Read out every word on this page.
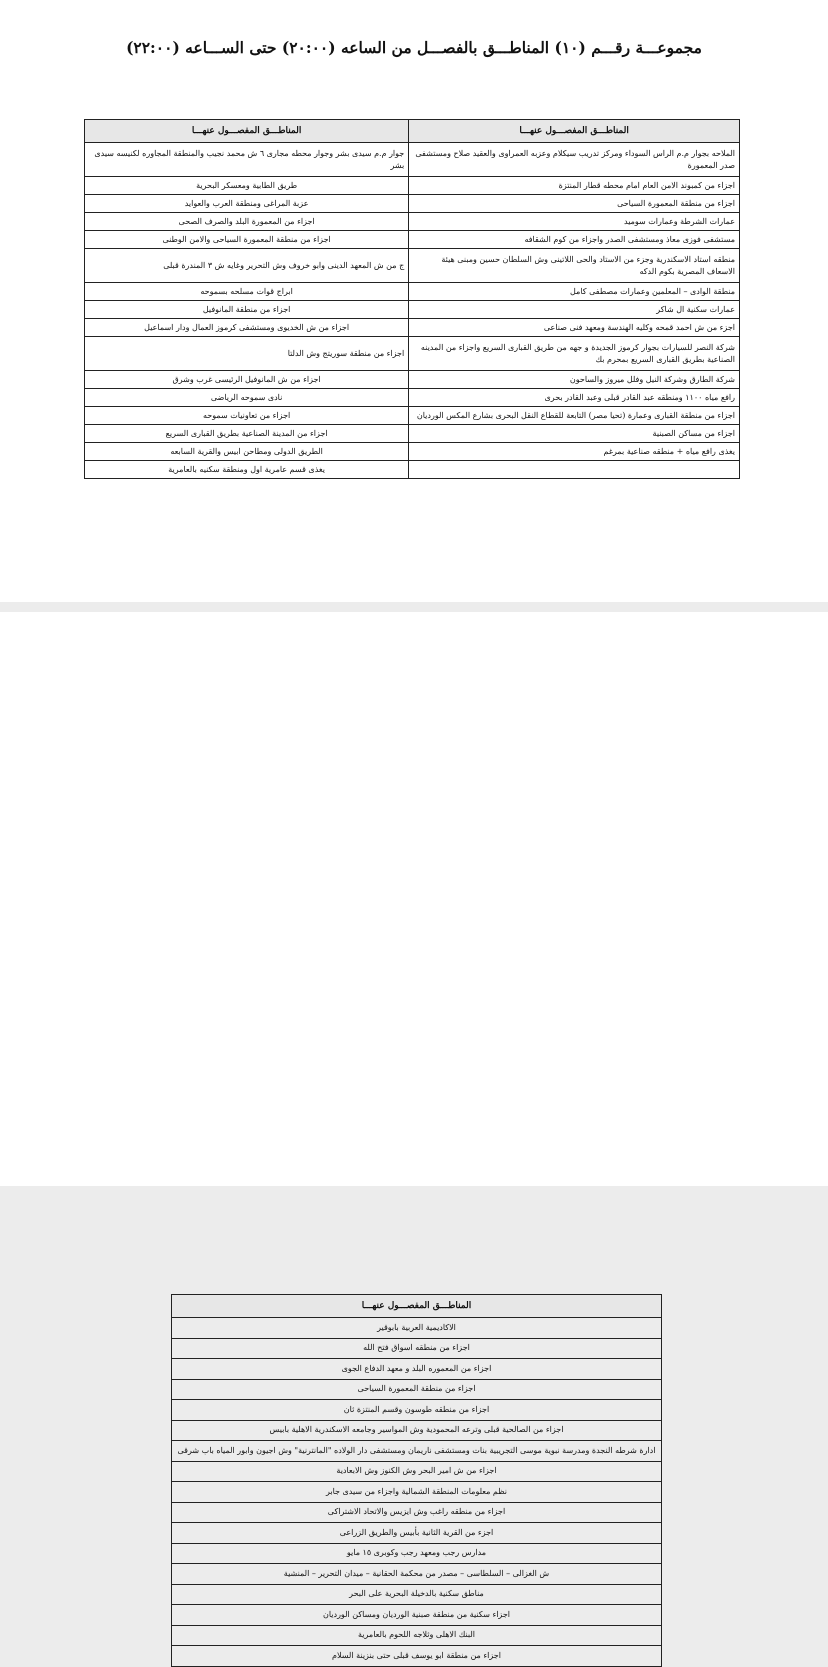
مجموعـــة رقـــم (١٠) المناطـــق بالفصـــل من الساعه (٢٠:٠٠) حتى الســـاعه (٢٢:٠٠)
المناطـــق المفصـــول عنهـــا	المناطـــق المفصـــول عنهـــا
الملاحه بجوار م.م الراس السوداء ومركز تدريب سيكلام وعزبه العمراوى والعقيد صلاح ومستشفى صدر المعمورة	جوار م.م سيدى بشر وجوار محطه مجارى ٦ ش محمد نجيب والمنطقة المجاوره لكنيسه سيدى بشر
اجزاء من كمبوند الامن العام امام محطه قطار المنتزة	طريق الطابية ومعسكر البحرية
اجزاء من منطقة المعمورة السياحى	عزبة المراغى ومنطقة العرب والعوايد
عمارات الشرطة وعمارات سوميد	اجزاء من المعمورة البلد والصرف الصحى
مستشفى فوزى معاذ ومستشفى الصدر واجزاء من كوم الشقافه	اجزاء من منطقة المعمورة السياحى والامن الوطنى
منطقه استاد الاسكندرية وجزء من الاستاد والحى اللاتينى وش السلطان حسين ومبنى هيئة الاسعاف المصرية بكوم الدكه	ج من ش المعهد الدينى وابو خروف وش التحرير وغايه ش ٣ المندرة قبلى
منطقة الوادى – المعلمين وعمارات مصطفى كامل	ابراج قوات مسلحه بسموحه
عمارات سكنية ال شاكر	اجزاء من منطقة المانوفيل
اجزء من ش احمد قمحه وكليه الهندسة ومعهد فنى صناعى	اجزاء من ش الخديوى ومستشفى كرموز العمال ودار اسماعيل
شركة النصر للسيارات بجوار كرموز الجديدة و جهه من طريق القبارى السريع واجزاء من المدينه الصناعية بطريق القبارى السريع بمحرم بك	اجزاء من منطقة سوريتج وش الدلتا
شركة الطارق وشركة النيل وفلل ميروز والساحون	اجزاء من ش المانوفيل الرئيسى غرب وشرق
رافع مياه ١١٠٠ ومنطقه عبد القادر قبلى وعبد القادر بحرى	نادى سموحه الرياضى
اجزاء من منطقة القبارى وعمارة (تحيا مصر) التابعة للقطاع النقل البحرى بشارع المكس الورديان	اجزاء من تعاونيات سموحه
اجزاء من مساكن الصبنية	اجزاء من المدينة الصناعية بطريق القبارى السريع
يغذى رافع مياه + منطقه صناعية بمرغم	الطريق الدولى ومطاحن ابيس والقرية السابعه
	يغذى قسم عامرية اول ومنطقة سكنيه بالعامرية
المناطـــق المفصـــول عنهـــا
الاكاديمية العربية بابوقير
اجزاء من منطقه اسواق فتح الله
اجزاء من المعموره البلد و معهد الدفاع الجوى
اجزاء من منطقة المعمورة السياحى
اجزاء من منطقه طوسون وقسم المنتزة ثان
اجزاء من الصالحية قبلى وترعه المحمودية وش المواسير وجامعه الاسكندرية الاهلية بابيس
ادارة شرطه النجدة ومدرسة نبوية موسى التجريبية بنات ومستشفى ناريمان ومستشفى دار الولاده "المانترنية" وش اجيون وابور المياه باب شرقى
اجزاء من ش امير البحر وش الكنوز وش الابعادية
نظم معلومات المنطقة الشمالية واجزاء من سيدى جابر
اجزاء من منطقه راغب وش ايزيس والاتحاد الاشتراكى
اجزء من القرية الثانية بأبيس والطريق الزراعى
مدارس رجب ومعهد رجب وكوبرى ١٥ مايو
ش الغزالى – السلطاسى – مصدر من محكمة الحقانية – ميدان التحرير – المنشية
مناطق سكنية بالدخيلة البحرية على البحر
اجزاء سكنية من منطقة صبنية الورديان ومساكن الورديان
البنك الاهلى وثلاجه اللحوم بالعامرية
اجزاء من منطقة ابو يوسف قبلى حتى بنزينة السلام
